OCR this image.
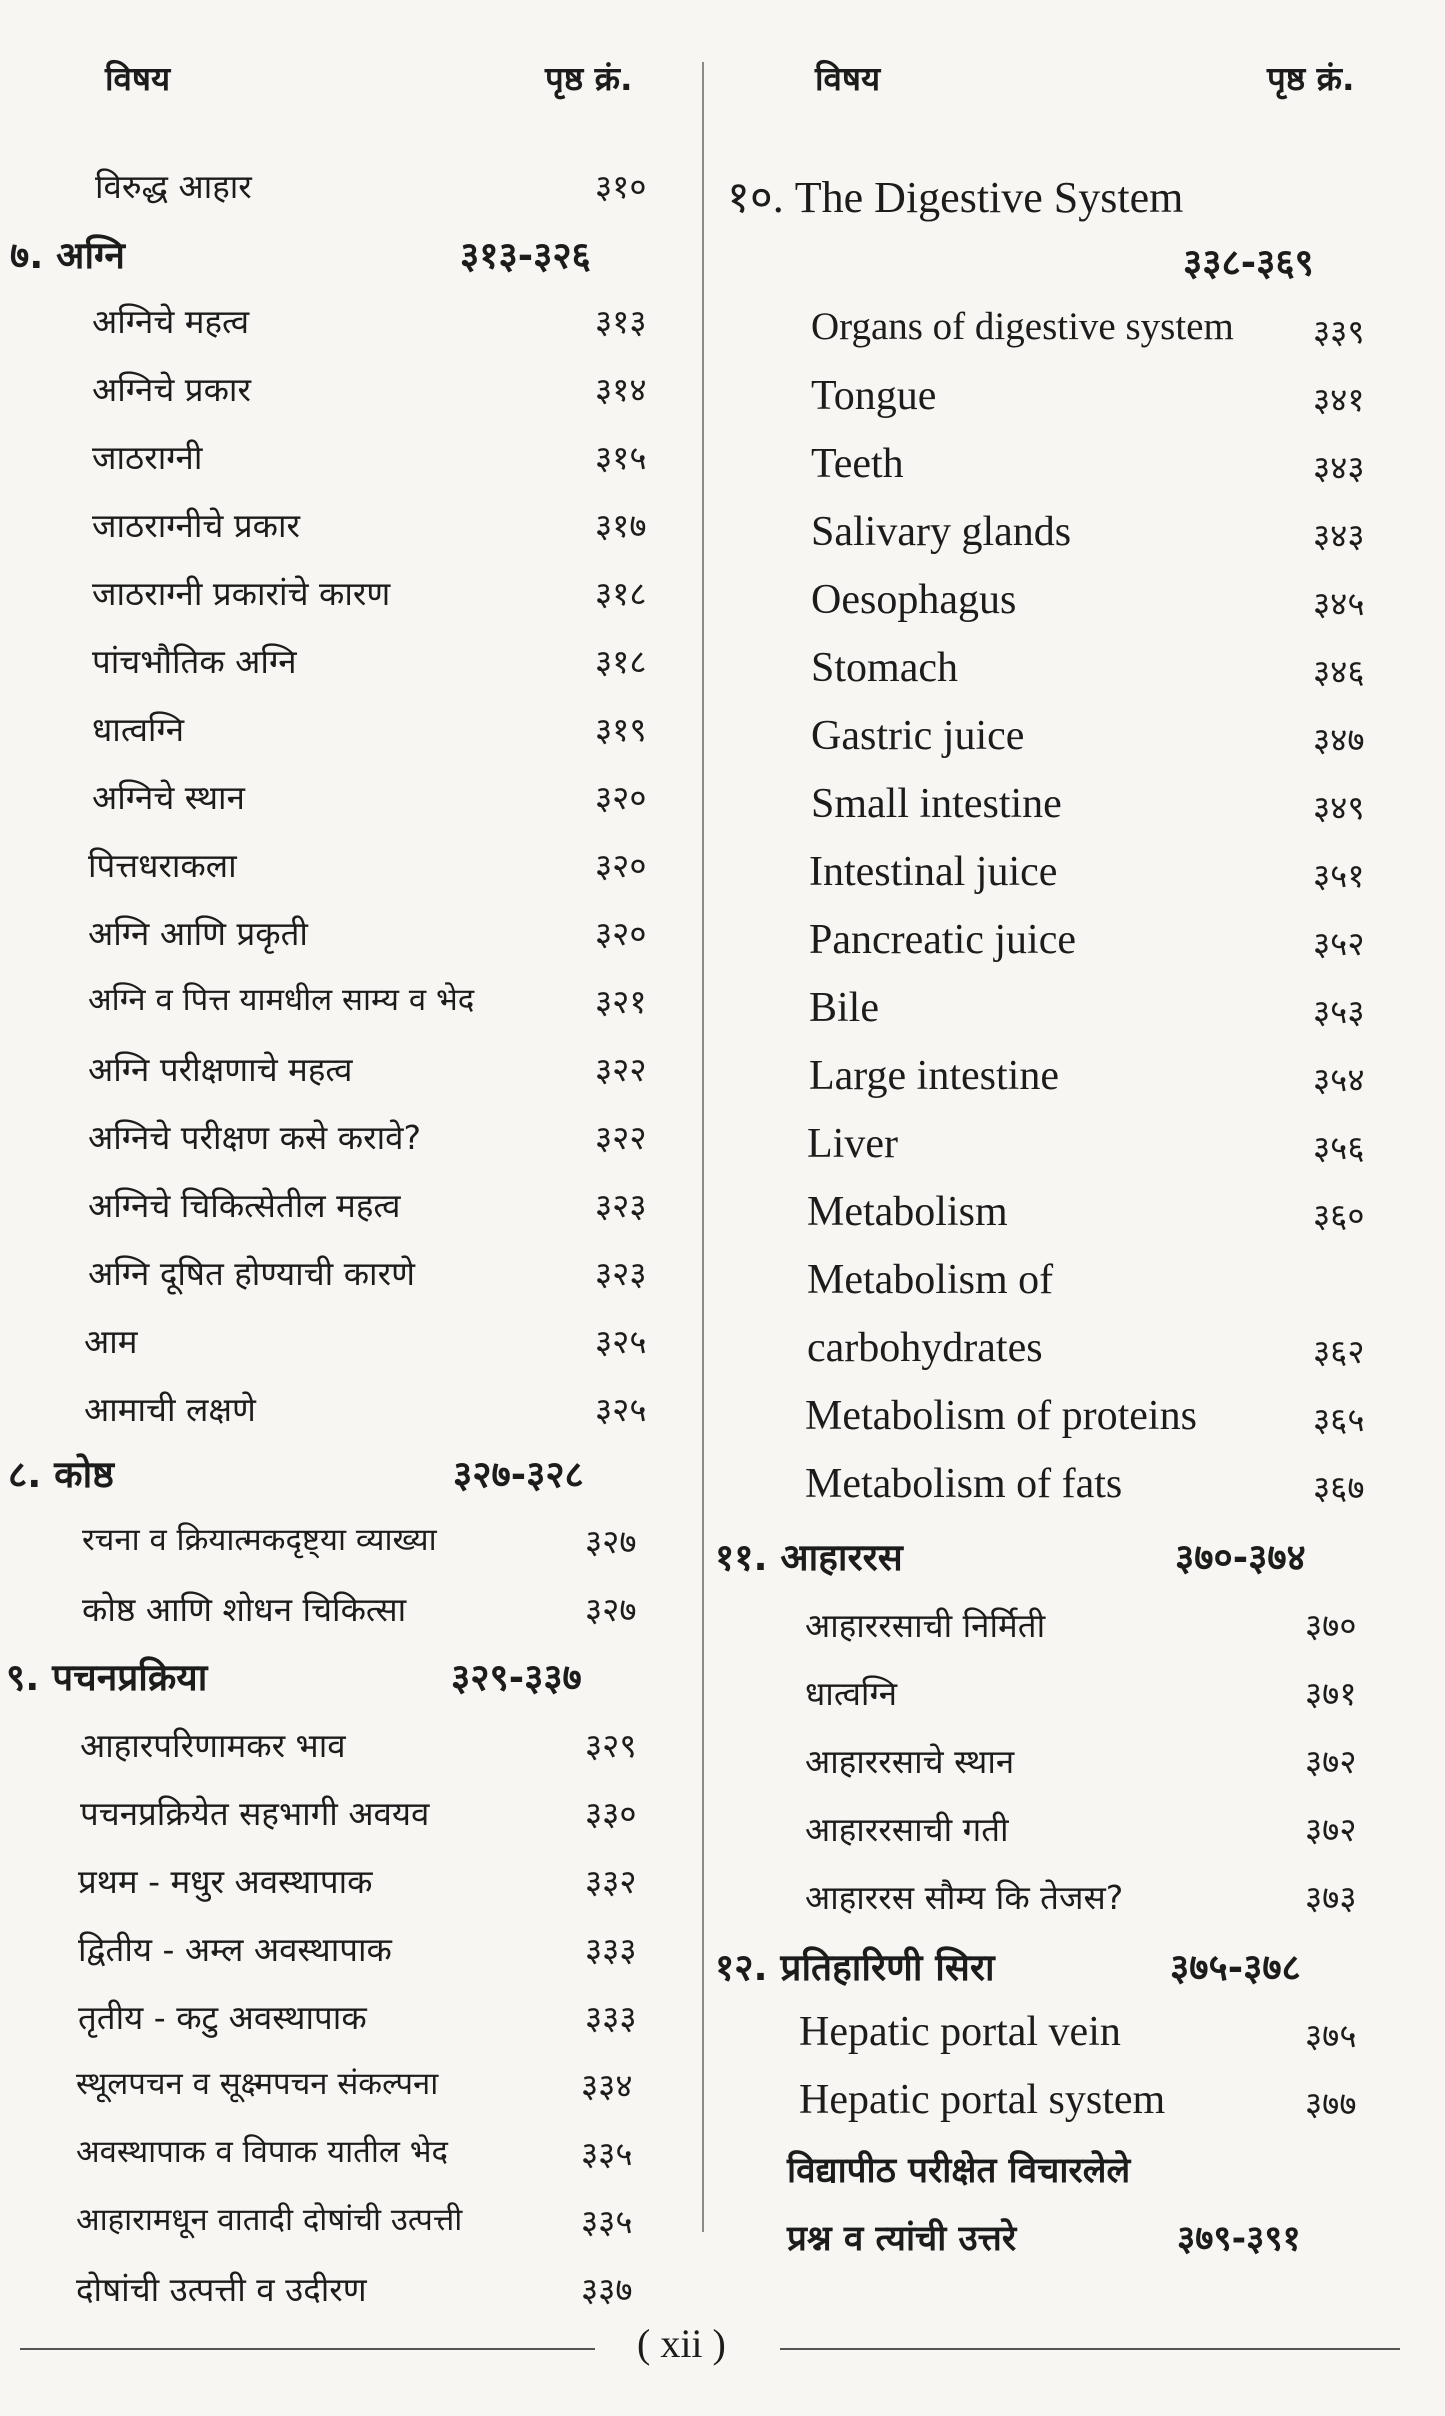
विषय	पृष्ठ क्रं.
विरुद्ध आहार	३१०
७. अग्नि	३१३-३२६
अग्निचे महत्व	३१३
अग्निचे प्रकार	३१४
जाठराग्नी	३१५
जाठराग्नीचे प्रकार	३१७
जाठराग्नी प्रकारांचे कारण	३१८
पांचभौतिक अग्नि	३१८
धात्वग्नि	३१९
अग्निचे स्थान	३२०
पित्तधराकला	३२०
अग्नि आणि प्रकृती	३२०
अग्नि व पित्त यामधील साम्य व भेद	३२१
अग्नि परीक्षणाचे महत्व	३२२
अग्निचे परीक्षण कसे करावे?	३२२
अग्निचे चिकित्सेतील महत्व	३२३
अग्नि दूषित होण्याची कारणे	३२३
आम	३२५
आमाची लक्षणे	३२५
८. कोष्ठ	३२७-३२८
रचना व क्रियात्मकदृष्ट्या व्याख्या	३२७
कोष्ठ आणि शोधन चिकित्सा	३२७
९. पचनप्रक्रिया	३२९-३३७
आहारपरिणामकर भाव	३२९
पचनप्रक्रियेत सहभागी अवयव	३३०
प्रथम - मधुर अवस्थापाक	३३२
द्वितीय - अम्ल अवस्थापाक	३३३
तृतीय - कटु अवस्थापाक	३३३
स्थूलपचन व सूक्ष्मपचन संकल्पना	३३४
अवस्थापाक व विपाक यातील भेद	३३५
आहारामधून वातादी दोषांची उत्पत्ती	३३५
दोषांची उत्पत्ती व उदीरण	३३७
विषय	पृष्ठ क्रं.
१०. The Digestive System
३३८-३६९
Organs of digestive system ३३९
Tongue	३४१
Teeth	३४३
Salivary glands	३४३
Oesophagus	३४५
Stomach	३४६
Gastric juice	३४७
Small intestine	३४९
Intestinal juice	३५१
Pancreatic juice	३५२
Bile	३५३
Large intestine	३५४
Liver	३५६
Metabolism	३६०
Metabolism of
carbohydrates	३६२
Metabolism of proteins	३६५
Metabolism of fats	३६७
११. आहाररस	३७०-३७४
आहाररसाची निर्मिती	३७०
धात्वग्नि	३७१
आहाररसाचे स्थान	३७२
आहाररसाची गती	३७२
आहाररस सौम्य कि तेजस?	३७३
१२. प्रतिहारिणी सिरा	३७५-३७८
Hepatic portal vein	३७५
Hepatic portal system	३७७
विद्यापीठ परीक्षेत विचारलेले
प्रश्न व त्यांची उत्तरे	३७९-३९१
( xii )
